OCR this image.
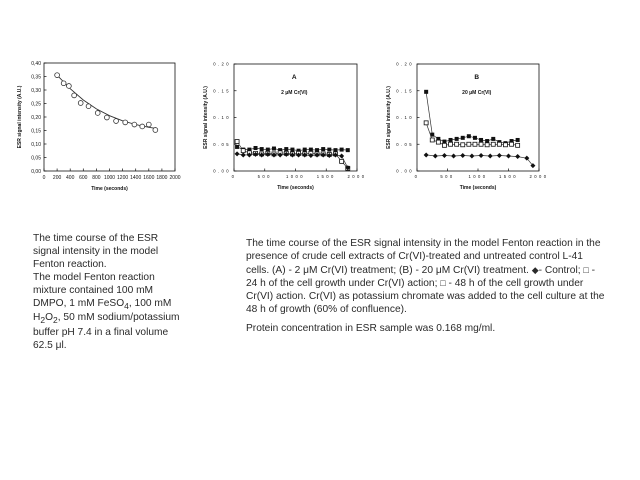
0 200 400 600 800 1000 1200 1400 1600 1800 2000
0,00
0,05
0,10
0,15
0,20
0,25
0,30
0,35
0,40
Time (seconds)
ESR signal intensity (A.U.)
0	500	1000	1500	2000
0.00
0.05
0.10
0.15
0.20
Time (seconds)
ESR signal intensity (A.U.)
A
2 μM Cr(VI)
0	500	1000	1500	2000
0.00
0.05
0.10
0.15
0.20
Time (seconds)
ESR signal intensity (A.U.)
B
20 μM Cr(VI)

The time course of the ESR signal intensity in the model Fenton reaction.

The model Fenton reaction mixture contained 100 mM DMPO, 1 mM FeSO$_4$, 100 mM $H_2O_2$, 50 mM sodium/potassium buffer pH 7.4 in a final volume 62.5 μl.

The time course of the ESR signal intensity in the model Fenton reaction in the presence of crude cell extracts of Cr(VI)-treated and untreated control L-41 cells. (A) - 2 μM Cr(VI) treatment; (B) - 20 μM Cr(VI) treatment. ◆- Control; □ - 24 h of the cell growth under Cr(VI) action; □ - 48 h of the cell growth under Cr(VI) action. Cr(VI) as potassium chromate was added to the cell culture at the 48 h of growth (60% of confluence).

Protein concentration in ESR sample was 0.168 mg/ml.
